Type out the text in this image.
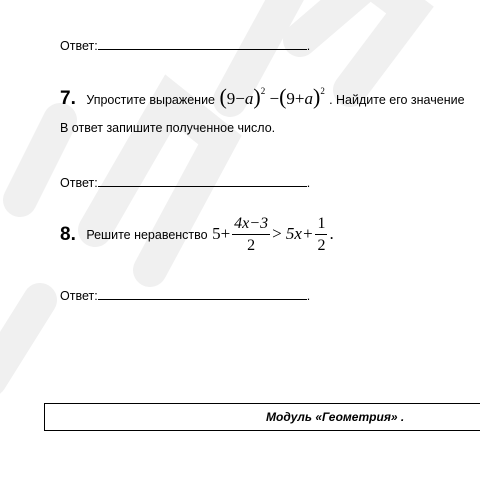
Ответ:	.
7. Упростите выражение $(9-a)^2 -(9+a)^2$ . Найдите его значение
В ответ запишите полученное число.
Ответ:	.
8. Решите неравенство $5+ \frac{4x-3}{2} > 5x+ \frac{1}{2}$ .
Ответ:	.
Модуль «Геометрия» .
